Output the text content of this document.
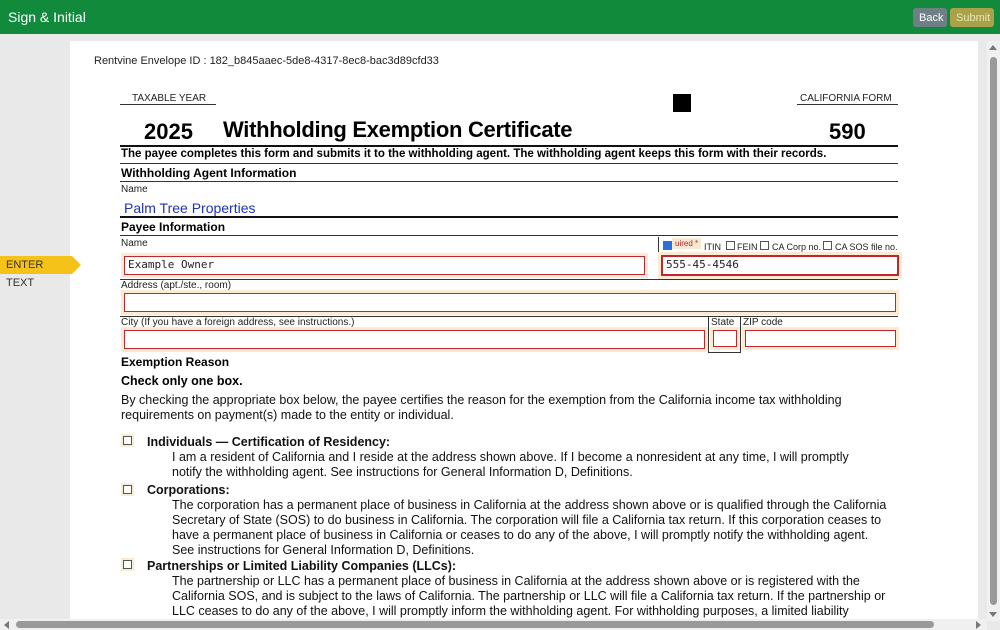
Sign & Initial	Back	Submit
Rentvine Envelope ID : 182_b845aaec-5de8-4317-8ec8-bac3d89cfd33
TAXABLE YEAR	CALIFORNIA FORM
2025 Withholding Exemption Certificate	590
The payee completes this form and submits it to the withholding agent. The withholding agent keeps this form with their records.
Withholding Agent Information
Name
Palm Tree Properties
Payee Information
Name
Example Owner
uired * ITIN FEIN CA Corp no. CA SOS file no.
555-45-4546
Address (apt./ste., room)
City (If you have a foreign address, see instructions.)	State ZIP code
Exemption Reason
Check only one box.
By checking the appropriate box below, the payee certifies the reason for the exemption from the California income tax withholding requirements on payment(s) made to the entity or individual.
Individuals — Certification of Residency:
I am a resident of California and I reside at the address shown above. If I become a nonresident at any time, I will promptly notify the withholding agent. See instructions for General Information D, Definitions.
Corporations:
The corporation has a permanent place of business in California at the address shown above or is qualified through the California Secretary of State (SOS) to do business in California. The corporation will file a California tax return. If this corporation ceases to have a permanent place of business in California or ceases to do any of the above, I will promptly notify the withholding agent. See instructions for General Information D, Definitions.
Partnerships or Limited Liability Companies (LLCs):
The partnership or LLC has a permanent place of business in California at the address shown above or is registered with the California SOS, and is subject to the laws of California. The partnership or LLC will file a California tax return. If the partnership or LLC ceases to do any of the above, I will promptly inform the withholding agent. For withholding purposes, a limited liability
ENTER TEXT
